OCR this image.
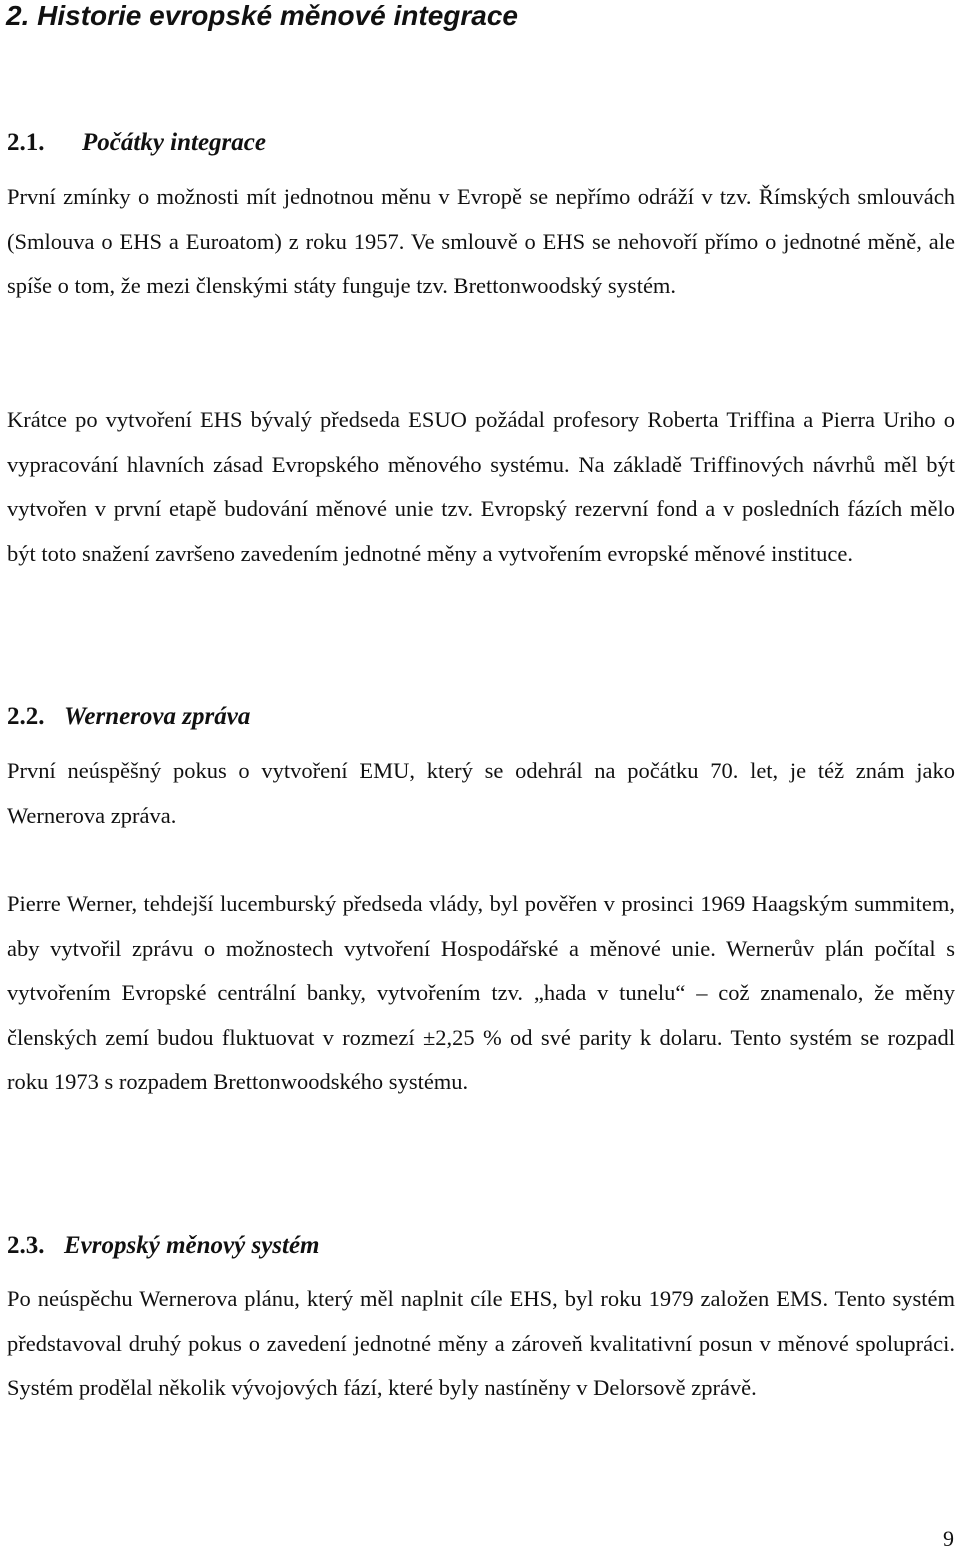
2. Historie evropské měnové integrace
2.1. Počátky integrace

První zmínky o možnosti mít jednotnou měnu v Evropě se nepřímo odráží v tzv. Římských smlouvách (Smlouva o EHS a Euroatom) z roku 1957. Ve smlouvě o EHS se nehovoří přímo o jednotné měně, ale spíše o tom, že mezi členskými státy funguje tzv. Brettonwoodský systém.

Krátce po vytvoření EHS bývalý předseda ESUO požádal profesory Roberta Triffina a Pierra Uriho o vypracování hlavních zásad Evropského měnového systému. Na základě Triffinových návrhů měl být vytvořen v první etapě budování měnové unie tzv. Evropský rezervní fond a v posledních fázích mělo být toto snažení završeno zavedením jednotné měny a vytvořením evropské měnové instituce.

2.2. Wernerova zpráva

První neúspěšný pokus o vytvoření EMU, který se odehrál na počátku 70. let, je též znám jako Wernerova zpráva.

Pierre Werner, tehdejší lucemburský předseda vlády, byl pověřen v prosinci 1969 Haagským summitem, aby vytvořil zprávu o možnostech vytvoření Hospodářské a měnové unie. Wernerův plán počítal s vytvořením Evropské centrální banky, vytvořením tzv. „hada v tunelu“ – což znamenalo, že měny členských zemí budou fluktuovat v rozmezí ±2,25 % od své parity k dolaru. Tento systém se rozpadl roku 1973 s rozpadem Brettonwoodského systému.

2.3. Evropský měnový systém

Po neúspěchu Wernerova plánu, který měl naplnit cíle EHS, byl roku 1979 založen EMS. Tento systém představoval druhý pokus o zavedení jednotné měny a zároveň kvalitativní posun v měnové spolupráci. Systém prodělal několik vývojových fází, které byly nastíněny v Delorsově zprávě.

9
